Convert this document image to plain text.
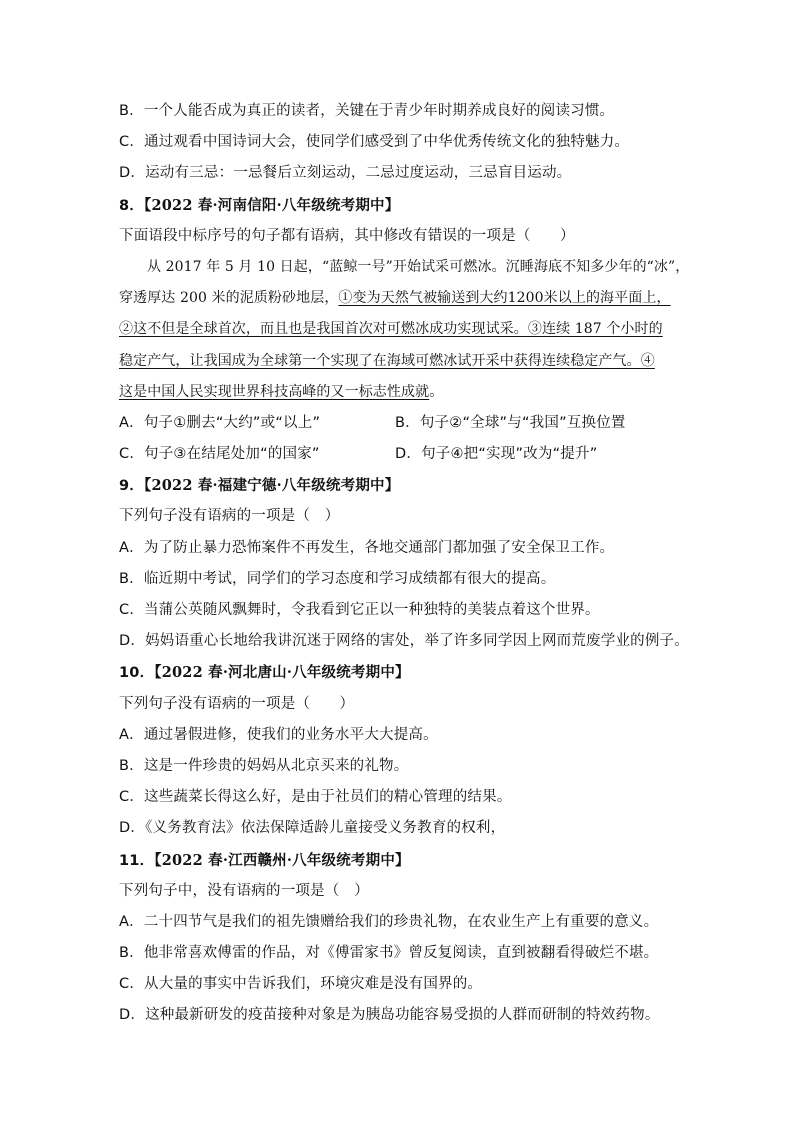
B．一个人能否成为真正的读者，关键在于青少年时期养成良好的阅读习惯。
C．通过观看中国诗词大会，使同学们感受到了中华优秀传统文化的独特魅力。
D．运动有三忌：一忌餐后立刻运动，二忌过度运动，三忌盲目运动。
8．【2022 春·河南信阳·八年级统考期中】
下面语段中标序号的句子都有语病，其中修改有错误的一项是（　　）
从 2017 年 5 月 10 日起，“蓝鲸一号”开始试采可燃冰。沉睡海底不知多少年的“冰”，
穿透厚达 200 米的泥质粉砂地层，①变为天然气被输送到大约1200米以上的海平面上，
②这不但是全球首次，而且也是我国首次对可燃冰成功实现试采。③连续 187 个小时的
稳定产气，让我国成为全球第一个实现了在海域可燃冰试开采中获得连续稳定产气。④
这是中国人民实现世界科技高峰的又一标志性成就。
A．句子①删去“大约”或“以上”	B．句子②“全球”与“我国”互换位置
C．句子③在结尾处加“的国家”	D．句子④把“实现”改为“提升”
9．【2022 春·福建宁德·八年级统考期中】
下列句子没有语病的一项是（　）
A．为了防止暴力恐怖案件不再发生，各地交通部门都加强了安全保卫工作。
B．临近期中考试，同学们的学习态度和学习成绩都有很大的提高。
C．当蒲公英随风飘舞时，令我看到它正以一种独特的美装点着这个世界。
D．妈妈语重心长地给我讲沉迷于网络的害处，举了许多同学因上网而荒废学业的例子。
10．【2022 春·河北唐山·八年级统考期中】
下列句子没有语病的一项是（　　）
A．通过暑假进修，使我们的业务水平大大提高。
B．这是一件珍贵的妈妈从北京买来的礼物。
C．这些蔬菜长得这么好，是由于社员们的精心管理的结果。
D．《义务教育法》依法保障适龄儿童接受义务教育的权利，
11．【2022 春·江西赣州·八年级统考期中】
下列句子中，没有语病的一项是（　）
A．二十四节气是我们的祖先馈赠给我们的珍贵礼物，在农业生产上有重要的意义。
B．他非常喜欢傅雷的作品，对《傅雷家书》曾反复阅读，直到被翻看得破烂不堪。
C．从大量的事实中告诉我们，环境灾难是没有国界的。
D．这种最新研发的疫苗接种对象是为胰岛功能容易受损的人群而研制的特效药物。
